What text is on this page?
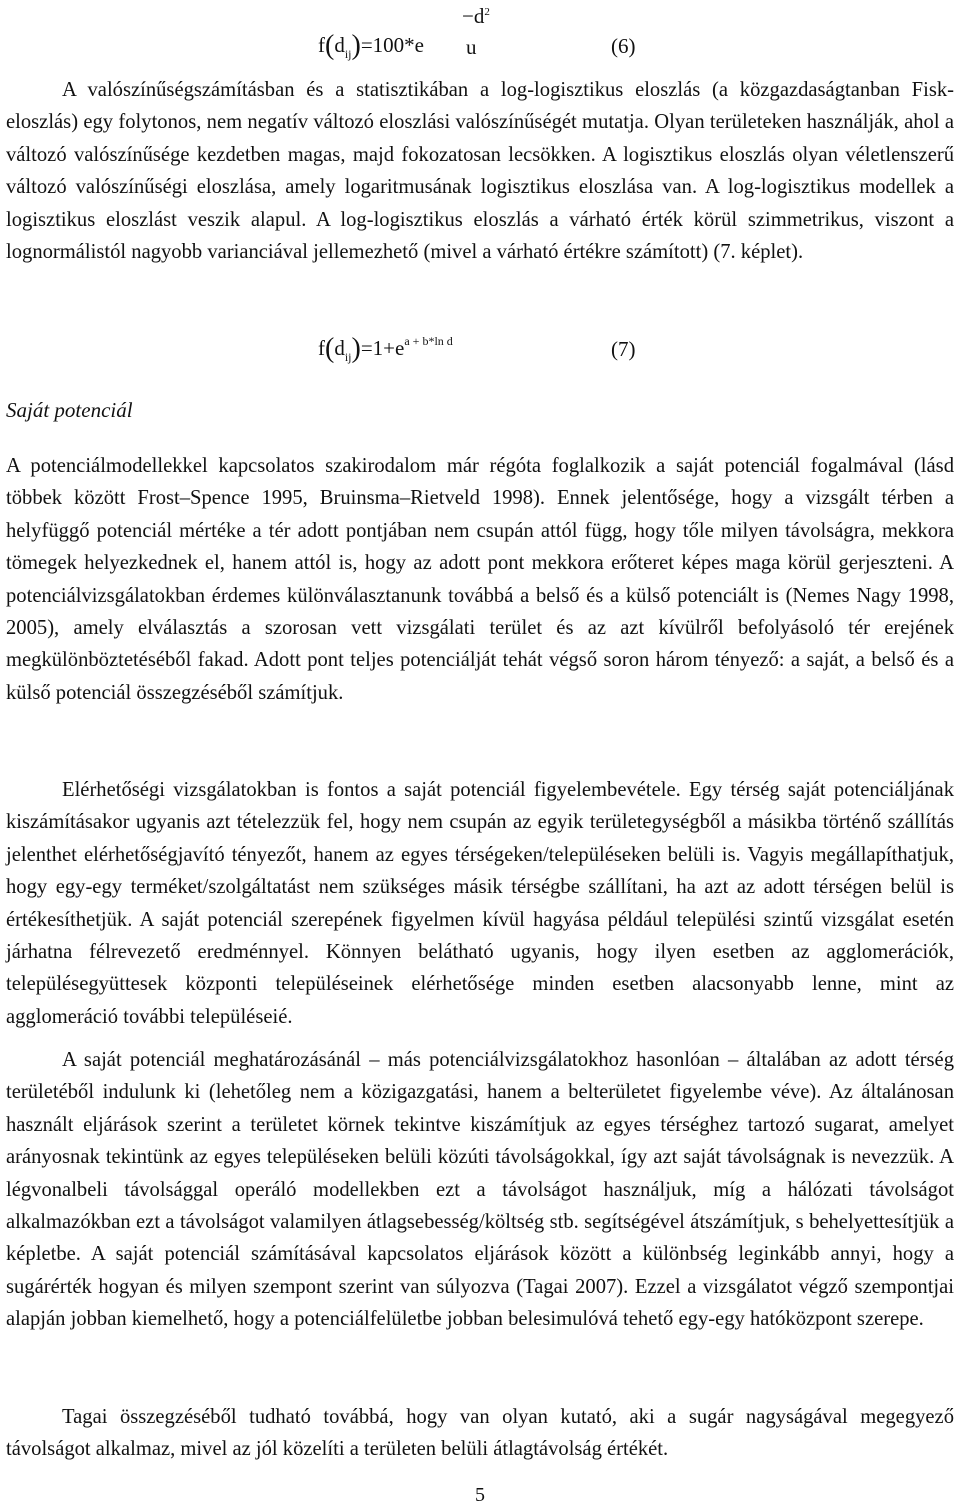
$f(d_{ij})=100*e$
$-d^2$
u	(6)

A valószínűségszámításban és a statisztikában a log-logisztikus eloszlás (a közgazdaságtanban Fisk-eloszlás) egy folytonos, nem negatív változó eloszlási valószínűségét mutatja. Olyan területeken használják, ahol a változó valószínűsége kezdetben magas, majd fokozatosan lecsökken. A logisztikus eloszlás olyan véletlenszerű változó valószínűségi eloszlása, amely logaritmusának logisztikus eloszlása van. A log-logisztikus modellek a logisztikus eloszlást veszik alapul. A log-logisztikus eloszlás a várható érték körül szimmetrikus, viszont a lognormálistól nagyobb varianciával jellemezhető (mivel a várható értékre számított) (7. képlet).

$f(d_{ij})=1+e^{a + b*ln d}$	(7)

Saját potenciál

A potenciálmodellekkel kapcsolatos szakirodalom már régóta foglalkozik a saját potenciál fogalmával (lásd többek között Frost–Spence 1995, Bruinsma–Rietveld 1998). Ennek jelentősége, hogy a vizsgált térben a helyfüggő potenciál mértéke a tér adott pontjában nem csupán attól függ, hogy tőle milyen távolságra, mekkora tömegek helyezkednek el, hanem attól is, hogy az adott pont mekkora erőteret képes maga körül gerjeszteni. A potenciálvizsgálatokban érdemes különválasztanunk továbbá a belső és a külső potenciált is (Nemes Nagy 1998, 2005), amely elválasztás a szorosan vett vizsgálati terület és az azt kívülről befolyásoló tér erejének megkülönböztetéséből fakad. Adott pont teljes potenciálját tehát végső soron három tényező: a saját, a belső és a külső potenciál összegzéséből számítjuk.

Elérhetőségi vizsgálatokban is fontos a saját potenciál figyelembevétele. Egy térség saját potenciáljának kiszámításakor ugyanis azt tételezzük fel, hogy nem csupán az egyik területegységből a másikba történő szállítás jelenthet elérhetőségjavító tényezőt, hanem az egyes térségeken/településeken belüli is. Vagyis megállapíthatjuk, hogy egy-egy terméket/szolgáltatást nem szükséges másik térségbe szállítani, ha azt az adott térségen belül is értékesíthetjük. A saját potenciál szerepének figyelmen kívül hagyása például települési szintű vizsgálat esetén járhatna félrevezető eredménnyel. Könnyen belátható ugyanis, hogy ilyen esetben az agglomerációk, településegyüttesek központi településeinek elérhetősége minden esetben alacsonyabb lenne, mint az agglomeráció további településeié.

A saját potenciál meghatározásánál – más potenciálvizsgálatokhoz hasonlóan – általában az adott térség területéből indulunk ki (lehetőleg nem a közigazgatási, hanem a belterületet figyelembe véve). Az általánosan használt eljárások szerint a területet körnek tekintve kiszámítjuk az egyes térséghez tartozó sugarat, amelyet arányosnak tekintünk az egyes településeken belüli közúti távolságokkal, így azt saját távolságnak is nevezzük. A légvonalbeli távolsággal operáló modellekben ezt a távolságot használjuk, míg a hálózati távolságot alkalmazókban ezt a távolságot valamilyen átlagsebesség/költség stb. segítségével átszámítjuk, s behelyettesítjük a képletbe. A saját potenciál számításával kapcsolatos eljárások között a különbség leginkább annyi, hogy a sugárérték hogyan és milyen szempont szerint van súlyozva (Tagai 2007). Ezzel a vizsgálatot végző szempontjai alapján jobban kiemelhető, hogy a potenciálfelületbe jobban belesimulóvá tehető egy-egy hatóközpont szerepe.

Tagai összegzéséből tudható továbbá, hogy van olyan kutató, aki a sugár nagyságával megegyező távolságot alkalmaz, mivel az jól közelíti a területen belüli átlagtávolság értékét.

5
